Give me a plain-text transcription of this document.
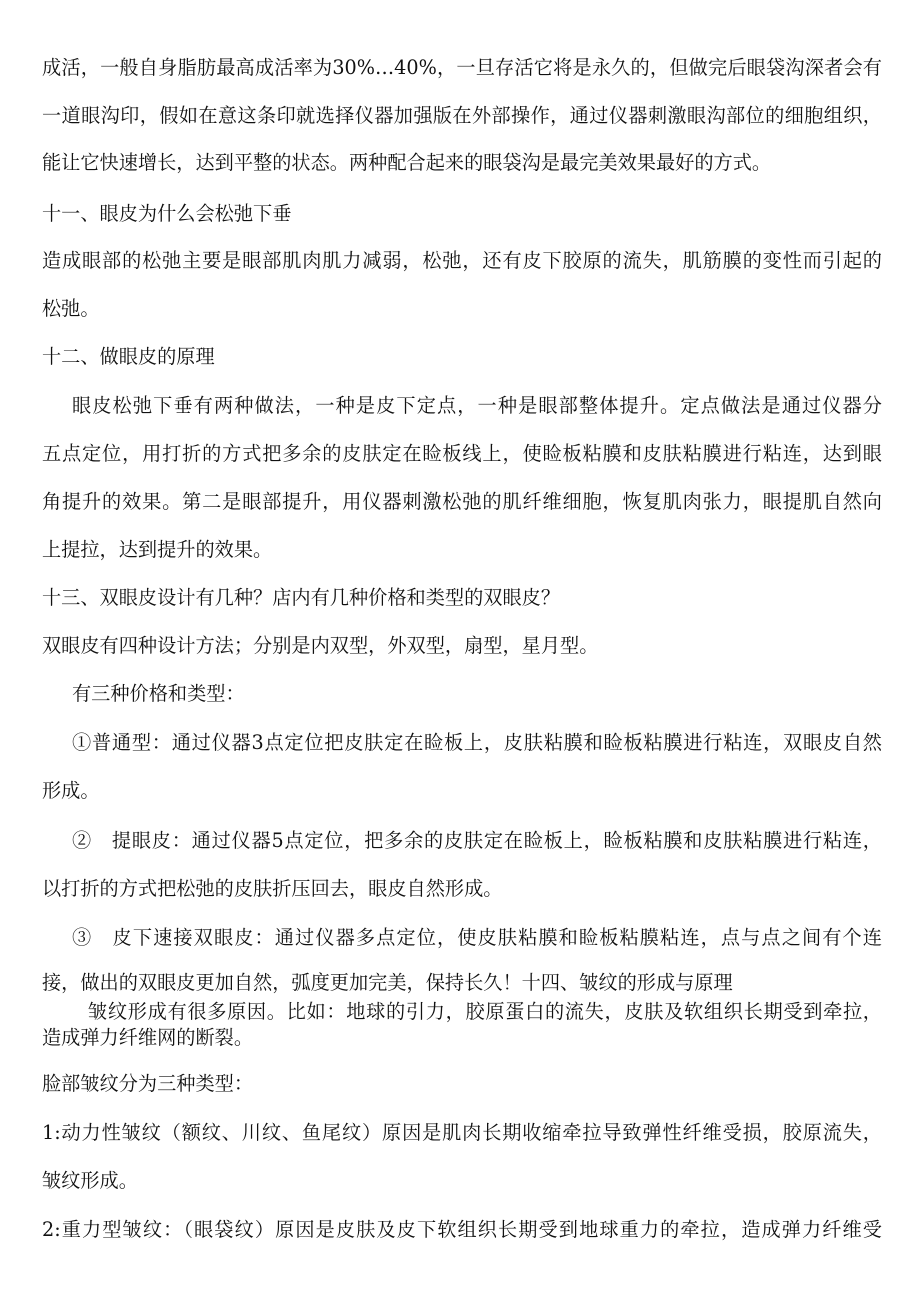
成活，一般自身脂肪最高成活率为30%…40%，一旦存活它将是永久的，但做完后眼袋沟深者会有
一道眼沟印，假如在意这条印就选择仪器加强版在外部操作，通过仪器刺激眼沟部位的细胞组织，
能让它快速增长，达到平整的状态。两种配合起来的眼袋沟是最完美效果最好的方式。
十一、眼皮为什么会松弛下垂
造成眼部的松弛主要是眼部肌肉肌力减弱，松弛，还有皮下胶原的流失，肌筋膜的变性而引起的
松弛。
十二、做眼皮的原理
眼皮松弛下垂有两种做法，一种是皮下定点，一种是眼部整体提升。定点做法是通过仪器分
五点定位，用打折的方式把多余的皮肤定在睑板线上，使睑板粘膜和皮肤粘膜进行粘连，达到眼
角提升的效果。第二是眼部提升，用仪器刺激松弛的肌纤维细胞，恢复肌肉张力，眼提肌自然向
上提拉，达到提升的效果。
十三、双眼皮设计有几种？店内有几种价格和类型的双眼皮？
双眼皮有四种设计方法；分别是内双型，外双型，扇型，星月型。
有三种价格和类型：
①普通型：通过仪器3点定位把皮肤定在睑板上，皮肤粘膜和睑板粘膜进行粘连，双眼皮自然
形成。
②　提眼皮：通过仪器5点定位，把多余的皮肤定在睑板上，睑板粘膜和皮肤粘膜进行粘连，
以打折的方式把松弛的皮肤折压回去，眼皮自然形成。
③　皮下速接双眼皮：通过仪器多点定位，使皮肤粘膜和睑板粘膜粘连，点与点之间有个连
接，做出的双眼皮更加自然，弧度更加完美，保持长久！十四、皱纹的形成与原理
皱纹形成有很多原因。比如：地球的引力，胶原蛋白的流失，皮肤及软组织长期受到牵拉，
造成弹力纤维网的断裂。
脸部皱纹分为三种类型：
1:动力性皱纹（额纹、川纹、鱼尾纹）原因是肌肉长期收缩牵拉导致弹性纤维受损，胶原流失，
皱纹形成。
2:重力型皱纹：（眼袋纹）原因是皮肤及皮下软组织长期受到地球重力的牵拉，造成弹力纤维受
